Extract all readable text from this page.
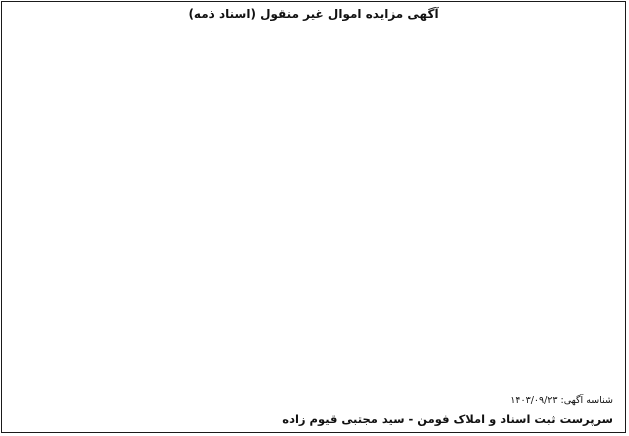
آگهی مزایده اموال غیر منقول (اسناد ذمه)
شناسه آگهی: ۱۴۰۳/۰۹/۲۳
سرپرست ثبت اسناد و املاک فومن - سید مجتبی قیوم زاده
